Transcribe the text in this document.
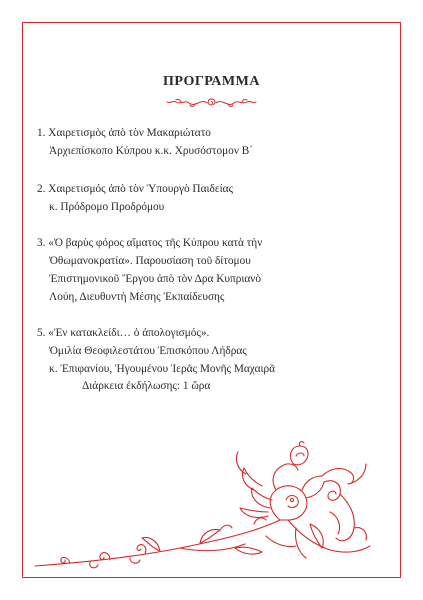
ΠΡΟΓΡΑΜΜΑ
1. Χαιρετισμὸς ἀπὸ τὸν Μακαριώτατο
Ἀρχιεπίσκοπο Κύπρου κ.κ. Χρυσόστομον Β΄
2. Χαιρετισμός ἀπὸ τὸν Ὑπουργὸ Παιδείας
κ. Πρόδρομο Προδρόμου
3. «Ὁ βαρὺς φόρος αἵματος τῆς Κύπρου κατὰ τὴν
Ὀθωμανοκρατία». Παρουσίαση τοῦ δίτομου
Ἐπιστημονικοῦ Ἔργου ἀπὸ τὸν Δρα Κυπριανὸ
Λούη, Διευθυντὴ Μέσης Ἐκπαίδευσης
5. «Ἐν κατακλείδι… ὁ ἀπολογισμός».
Ὁμιλία Θεοφιλεστάτου Ἐπισκόπου Λήδρας
κ. Ἐπιφανίου, Ἡγουμένου Ἱερᾶς Μονῆς Μαχαιρᾶ
Διάρκεια ἐκδήλωσης: 1 ὥρα
